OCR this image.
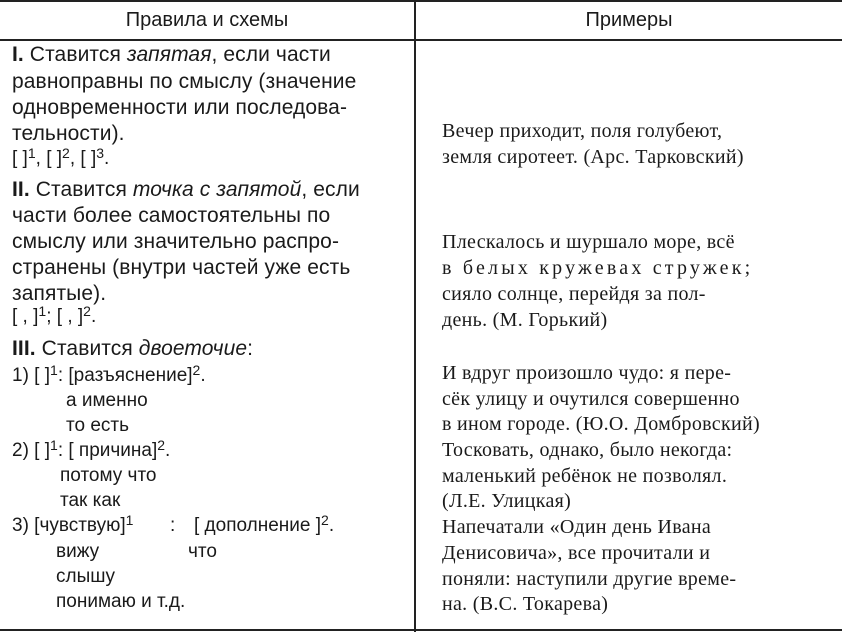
Правила и схемы	Примеры
I. Ставится запятая, если части
равноправны по смыслу (значение
одновременности или последова-
тельности).
[ ]$^1$, [ ]$^2$, [ ]$^3$.
II. Ставится точка с запятой, если
части более самостоятельны по
смыслу или значительно распро-
странены (внутри частей уже есть
запятые).
[ , ]$^1$; [ , ]$^2$.
III. Ставится двоеточие:
1) [ ]$^1$: [разъяснение]$^2$.
а именно
то есть
2) [ ]$^1$: [ причина]$^2$.
потому что
так как
3) [чувствую]$^1$ : [ дополнение ]$^2$.
вижу	что
слышу
понимаю и т.д.
Вечер приходит, поля голубеют,
земля сиротеет. (Арс. Тарковский)
Плескалось и шуршало море, всё
в белых кружевах стружек;
сияло солнце, перейдя за пол-
день. (М. Горький)
И вдруг произошло чудо: я пере-
сёк улицу и очутился совершенно
в ином городе. (Ю.О. Домбровский)
Тосковать, однако, было некогда:
маленький ребёнок не позволял.
(Л.Е. Улицкая)
Напечатали «Один день Ивана
Денисовича», все прочитали и
поняли: наступили другие време-
на. (В.С. Токарева)
